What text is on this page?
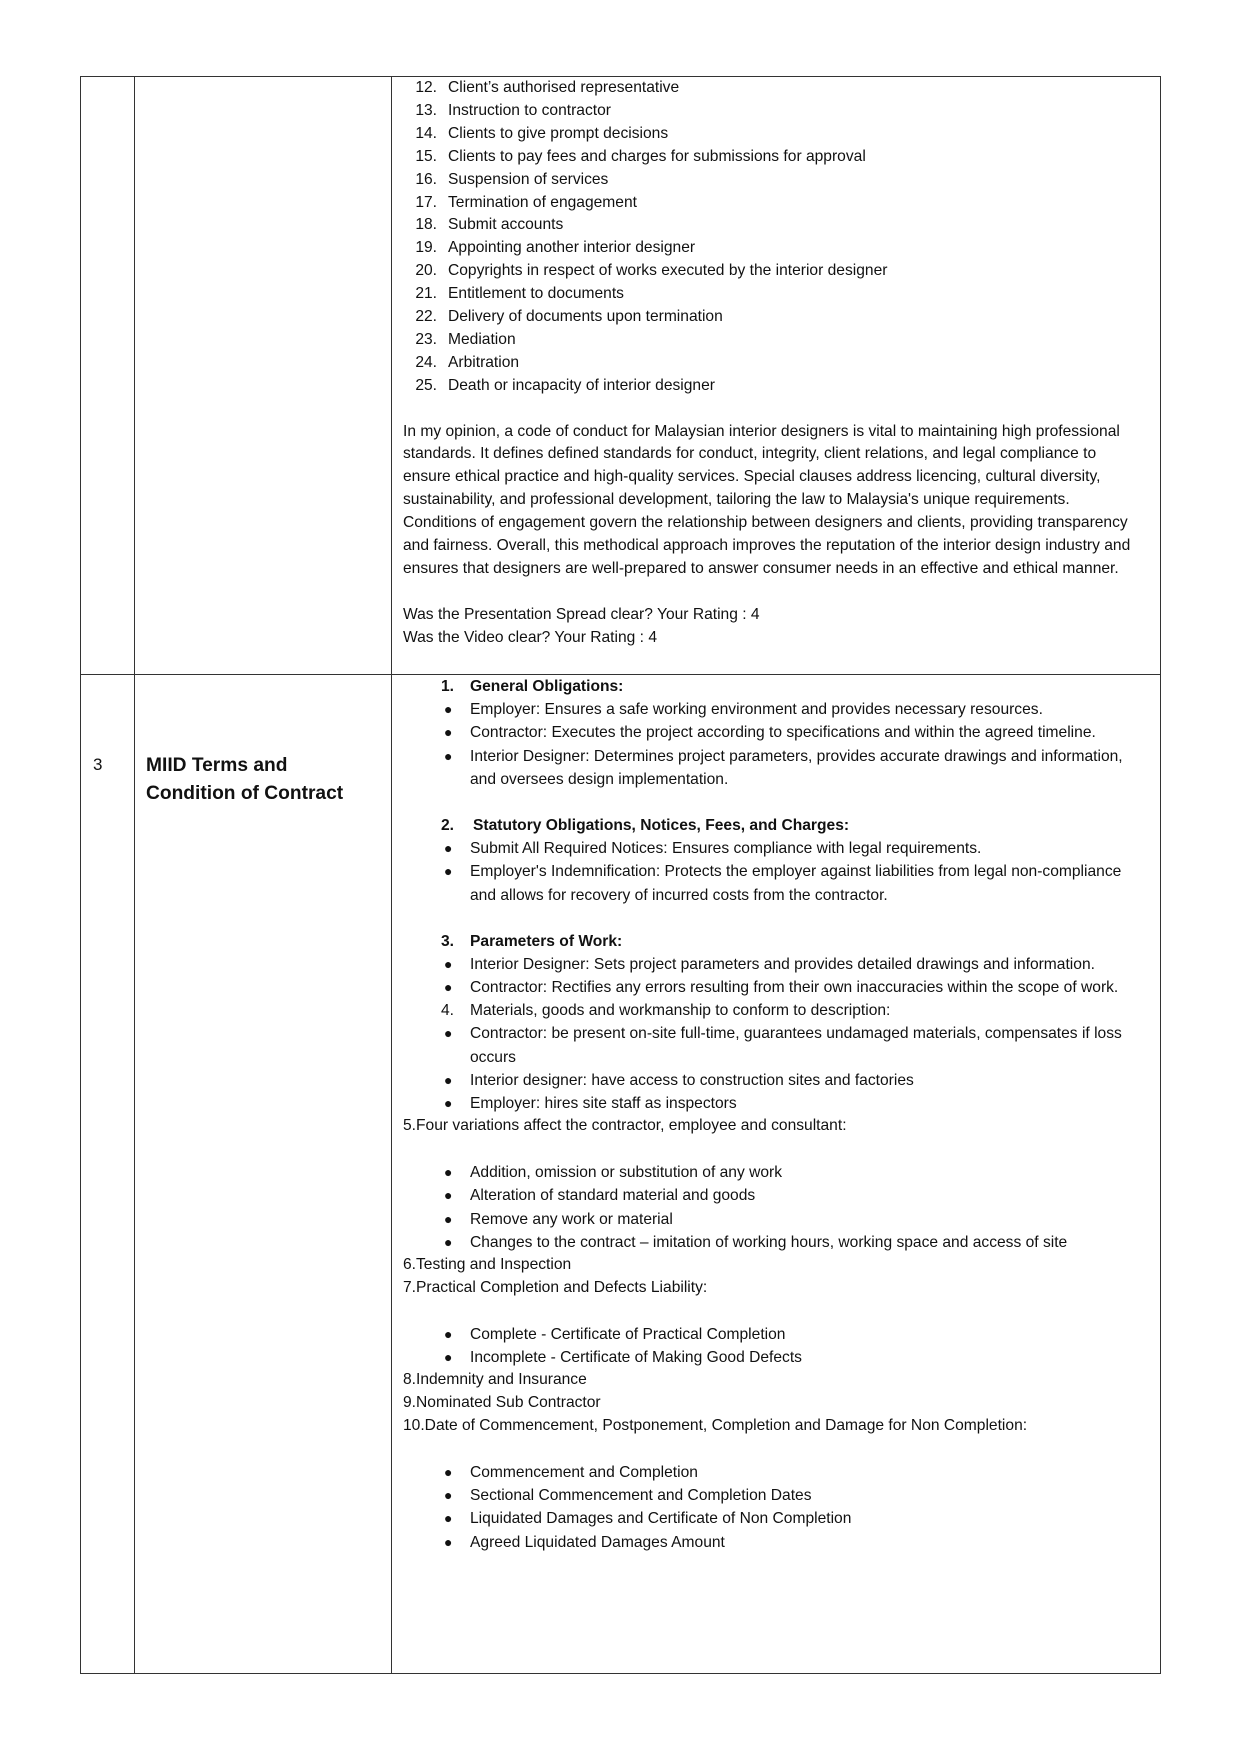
12. Client’s authorised representative
13. Instruction to contractor
14. Clients to give prompt decisions
15. Clients to pay fees and charges for submissions for approval
16. Suspension of services
17. Termination of engagement
18. Submit accounts
19. Appointing another interior designer
20. Copyrights in respect of works executed by the interior designer
21. Entitlement to documents
22. Delivery of documents upon termination
23. Mediation
24. Arbitration
25. Death or incapacity of interior designer

In my opinion, a code of conduct for Malaysian interior designers is vital to maintaining high professional standards. It defines defined standards for conduct, integrity, client relations, and legal compliance to ensure ethical practice and high-quality services. Special clauses address licencing, cultural diversity, sustainability, and professional development, tailoring the law to Malaysia's unique requirements. Conditions of engagement govern the relationship between designers and clients, providing transparency and fairness. Overall, this methodical approach improves the reputation of the interior design industry and ensures that designers are well-prepared to answer consumer needs in an effective and ethical manner.

Was the Presentation Spread clear? Your Rating : 4
Was the Video clear? Your Rating : 4
3 MIID Terms and Condition of Contract
1.	General Obligations:
●	Employer: Ensures a safe working environment and provides necessary resources.
●	Contractor: Executes the project according to specifications and within the agreed timeline.
●	Interior Designer: Determines project parameters, provides accurate drawings and information, and oversees design implementation.
2.	Statutory Obligations, Notices, Fees, and Charges:
●	Submit All Required Notices: Ensures compliance with legal requirements.
●	Employer's Indemnification: Protects the employer against liabilities from legal non-compliance and allows for recovery of incurred costs from the contractor.
3.	Parameters of Work:
●	Interior Designer: Sets project parameters and provides detailed drawings and information.
●	Contractor: Rectifies any errors resulting from their own inaccuracies within the scope of work.
4.	Materials, goods and workmanship to conform to description:
●	Contractor: be present on-site full-time, guarantees undamaged materials, compensates if loss occurs
●	Interior designer: have access to construction sites and factories
●	Employer: hires site staff as inspectors
5.Four variations affect the contractor, employee and consultant:
●	Addition, omission or substitution of any work
●	Alteration of standard material and goods
●	Remove any work or material
●	Changes to the contract – imitation of working hours, working space and access of site
6.Testing and Inspection
7.Practical Completion and Defects Liability:
●	Complete - Certificate of Practical Completion
●	Incomplete - Certificate of Making Good Defects
8.Indemnity and Insurance
9.Nominated Sub Contractor
10.Date of Commencement, Postponement, Completion and Damage for Non Completion:
●	Commencement and Completion
●	Sectional Commencement and Completion Dates
●	Liquidated Damages and Certificate of Non Completion
●	Agreed Liquidated Damages Amount
